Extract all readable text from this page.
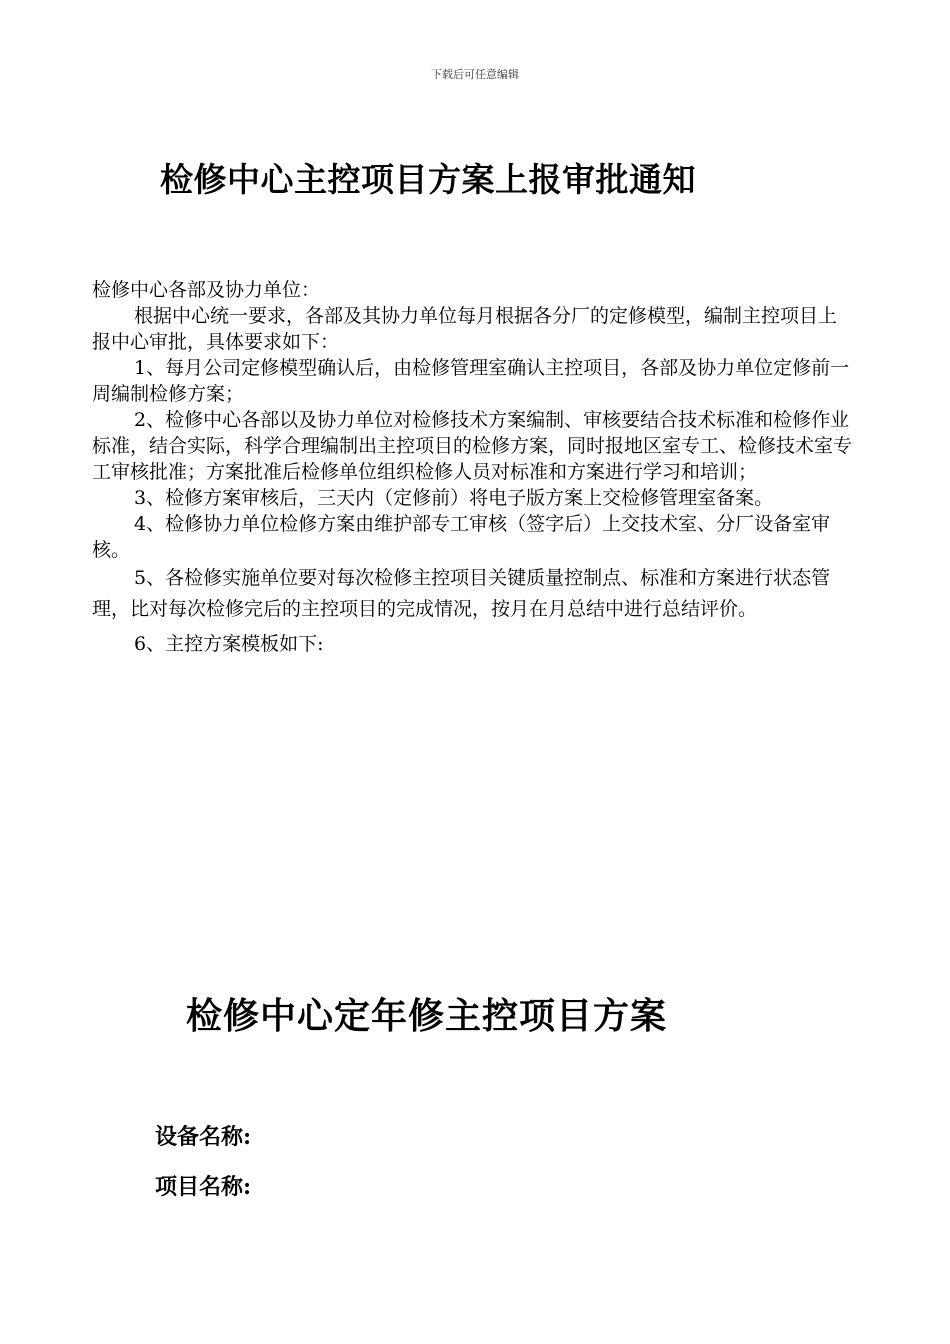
下载后可任意编辑
检修中心主控项目方案上报审批通知

检修中心各部及协力单位：

根据中心统一要求，各部及其协力单位每月根据各分厂的定修模型，编制主控项目上报中心审批，具体要求如下：

1、每月公司定修模型确认后，由检修管理室确认主控项目，各部及协力单位定修前一周编制检修方案；

2、检修中心各部以及协力单位对检修技术方案编制、审核要结合技术标准和检修作业标准，结合实际，科学合理编制出主控项目的检修方案，同时报地区室专工、检修技术室专工审核批准；方案批准后检修单位组织检修人员对标准和方案进行学习和培训；

3、检修方案审核后，三天内（定修前）将电子版方案上交检修管理室备案。

4、检修协力单位检修方案由维护部专工审核（签字后）上交技术室、分厂设备室审核。

5、各检修实施单位要对每次检修主控项目关键质量控制点、标准和方案进行状态管理，比对每次检修完后的主控项目的完成情况，按月在月总结中进行总结评价。

6、主控方案模板如下:

检修中心定年修主控项目方案
设备名称:
项目名称:
